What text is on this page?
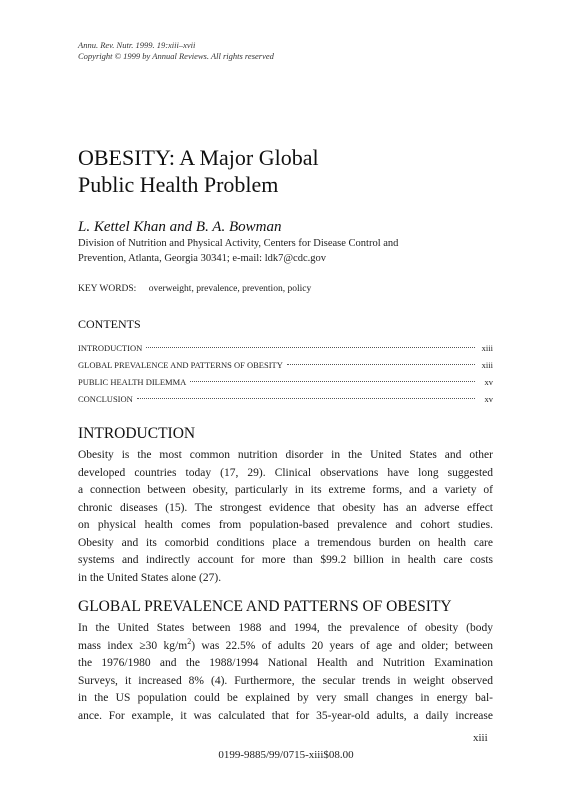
Annu. Rev. Nutr. 1999. 19:xiii–xvii
Copyright © 1999 by Annual Reviews. All rights reserved
OBESITY: A Major Global
Public Health Problem
L. Kettel Khan and B. A. Bowman
Division of Nutrition and Physical Activity, Centers for Disease Control and
Prevention, Atlanta, Georgia 30341; e-mail: ldk7@cdc.gov
KEY WORDS: overweight, prevalence, prevention, policy
CONTENTS
INTRODUCTION	xiii
GLOBAL PREVALENCE AND PATTERNS OF OBESITY	xiii
PUBLIC HEALTH DILEMMA	xv
CONCLUSION	xv
INTRODUCTION
Obesity is the most common nutrition disorder in the United States and other
developed countries today (17, 29). Clinical observations have long suggested
a connection between obesity, particularly in its extreme forms, and a variety of
chronic diseases (15). The strongest evidence that obesity has an adverse effect
on physical health comes from population-based prevalence and cohort studies.
Obesity and its comorbid conditions place a tremendous burden on health care
systems and indirectly account for more than $99.2 billion in health care costs
in the United States alone (27).
GLOBAL PREVALENCE AND PATTERNS OF OBESITY
In the United States between 1988 and 1994, the prevalence of obesity (body
mass index ≥30 $kg/m^2$) was 22.5% of adults 20 years of age and older; between
the 1976/1980 and the 1988/1994 National Health and Nutrition Examination
Surveys, it increased 8% (4). Furthermore, the secular trends in weight observed
in the US population could be explained by very small changes in energy bal-
ance. For example, it was calculated that for 35-year-old adults, a daily increase
xiii
0199-9885/99/0715-xiii$08.00
